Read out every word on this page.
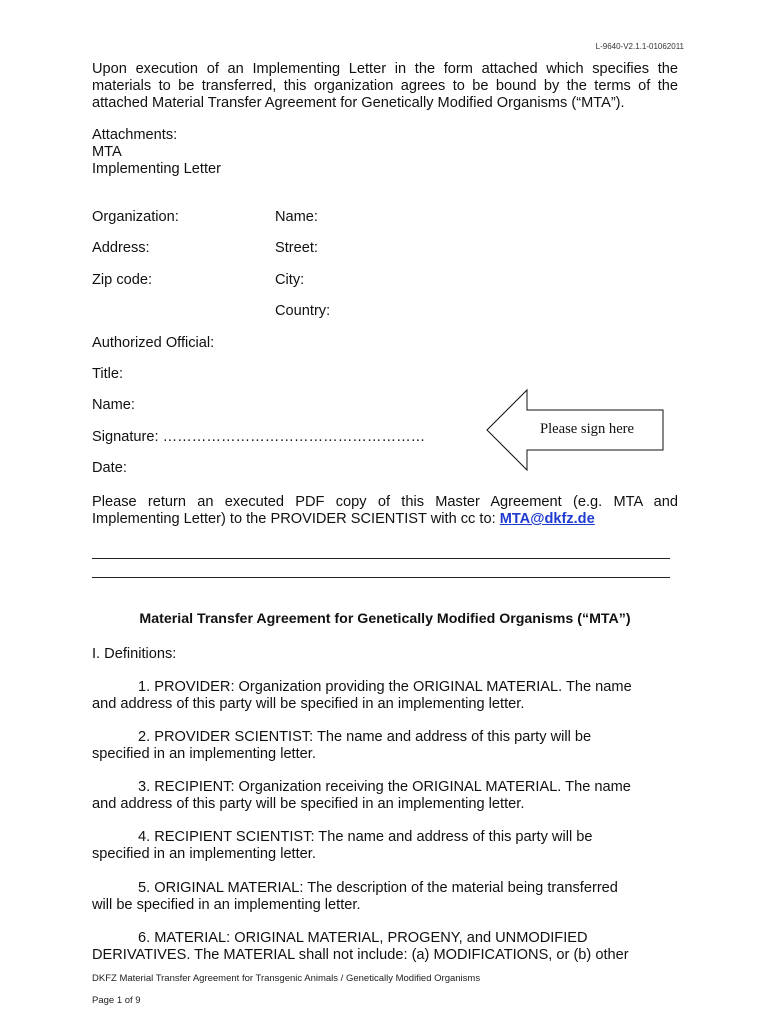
L-9640-V2.1.1-01062011
Upon execution of an Implementing Letter in the form attached which specifies the materials to be transferred, this organization agrees to be bound by the terms of the attached Material Transfer Agreement for Genetically Modified Organisms (“MTA”).
Attachments:
MTA
Implementing Letter
Organization:	Name:
Address:	Street:
Zip code:	City:
Country:
Authorized Official:
Title:
Name:
Signature: ………………………………………………
Date:
Please sign here
Please return an executed PDF copy of this Master Agreement (e.g. MTA and Implementing Letter) to the PROVIDER SCIENTIST with cc to: MTA@dkfz.de
Material Transfer Agreement for Genetically Modified Organisms (“MTA”)
I. Definitions:
1. PROVIDER: Organization providing the ORIGINAL MATERIAL. The name
and address of this party will be specified in an implementing letter.
2. PROVIDER SCIENTIST: The name and address of this party will be
specified in an implementing letter.
3. RECIPIENT: Organization receiving the ORIGINAL MATERIAL. The name
and address of this party will be specified in an implementing letter.
4. RECIPIENT SCIENTIST: The name and address of this party will be
specified in an implementing letter.
5. ORIGINAL MATERIAL: The description of the material being transferred
will be specified in an implementing letter.
6. MATERIAL: ORIGINAL MATERIAL, PROGENY, and UNMODIFIED
DERIVATIVES. The MATERIAL shall not include: (a) MODIFICATIONS, or (b) other
DKFZ Material Transfer Agreement for Transgenic Animals / Genetically Modified Organisms
Page 1 of 9
